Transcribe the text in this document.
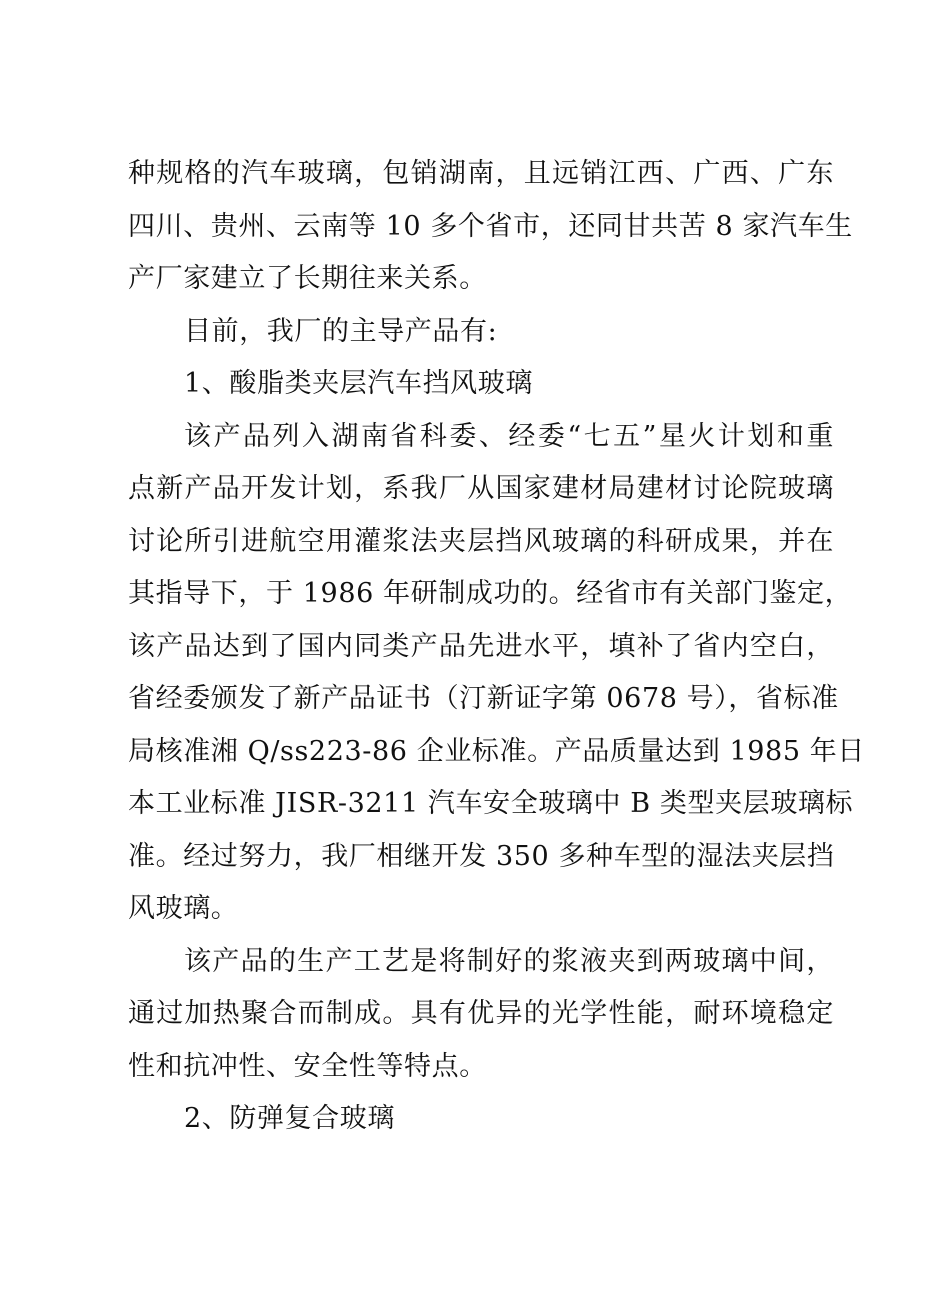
种规格的汽车玻璃，包销湖南，且远销江西、广西、广东
四川、贵州、云南等 10 多个省市，还同甘共苦 8 家汽车生
产厂家建立了长期往来关系。
目前，我厂的主导产品有:
1、酸脂类夹层汽车挡风玻璃
该产品列入湖南省科委、经委“七五”星火计划和重
点新产品开发计划，系我厂从国家建材局建材讨论院玻璃
讨论所引进航空用灌浆法夹层挡风玻璃的科研成果，并在
其指导下，于 1986 年研制成功的。经省市有关部门鉴定，
该产品达到了国内同类产品先进水平，填补了省内空白，
省经委颁发了新产品证书（汀新证字第 0678 号），省标准
局核准湘 Q/ss223-86 企业标准。产品质量达到 1985 年日
本工业标准 JISR-3211 汽车安全玻璃中 B 类型夹层玻璃标
准。经过努力，我厂相继开发 350 多种车型的湿法夹层挡
风玻璃。
该产品的生产工艺是将制好的浆液夹到两玻璃中间，
通过加热聚合而制成。具有优异的光学性能，耐环境稳定
性和抗冲性、安全性等特点。
2、防弹复合玻璃
